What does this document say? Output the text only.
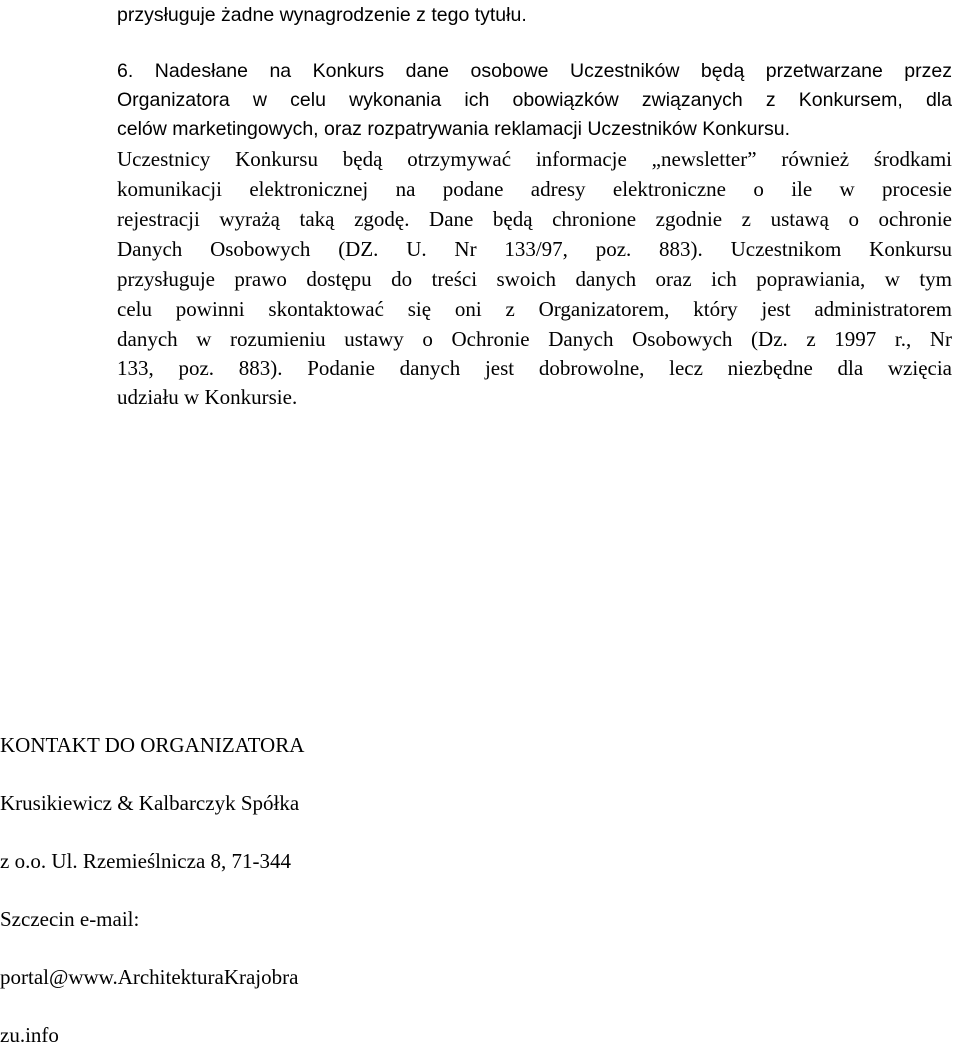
przysługuje żadne wynagrodzenie z tego tytułu.
6. Nadesłane na Konkurs dane osobowe Uczestników będą przetwarzane przez
Organizatora w celu wykonania ich obowiązków związanych z Konkursem, dla
celów marketingowych, oraz rozpatrywania reklamacji Uczestników Konkursu.
Uczestnicy Konkursu będą otrzymywać informacje „newsletter” również środkami
komunikacji elektronicznej na podane adresy elektroniczne o ile w procesie
rejestracji wyrażą taką zgodę. Dane będą chronione zgodnie z ustawą o ochronie
Danych Osobowych (DZ. U. Nr 133/97, poz. 883). Uczestnikom Konkursu
przysługuje prawo dostępu do treści swoich danych oraz ich poprawiania, w tym
celu powinni skontaktować się oni z Organizatorem, który jest administratorem
danych w rozumieniu ustawy o Ochronie Danych Osobowych (Dz. z 1997 r., Nr
133, poz. 883). Podanie danych jest dobrowolne, lecz niezbędne dla wzięcia
udziału w Konkursie.
KONTAKT DO ORGANIZATORA
Krusikiewicz & Kalbarczyk Spółka
z o.o. Ul. Rzemieślnicza 8, 71-344
Szczecin e-mail:
portal@www.ArchitekturaKrajobra
zu.info
